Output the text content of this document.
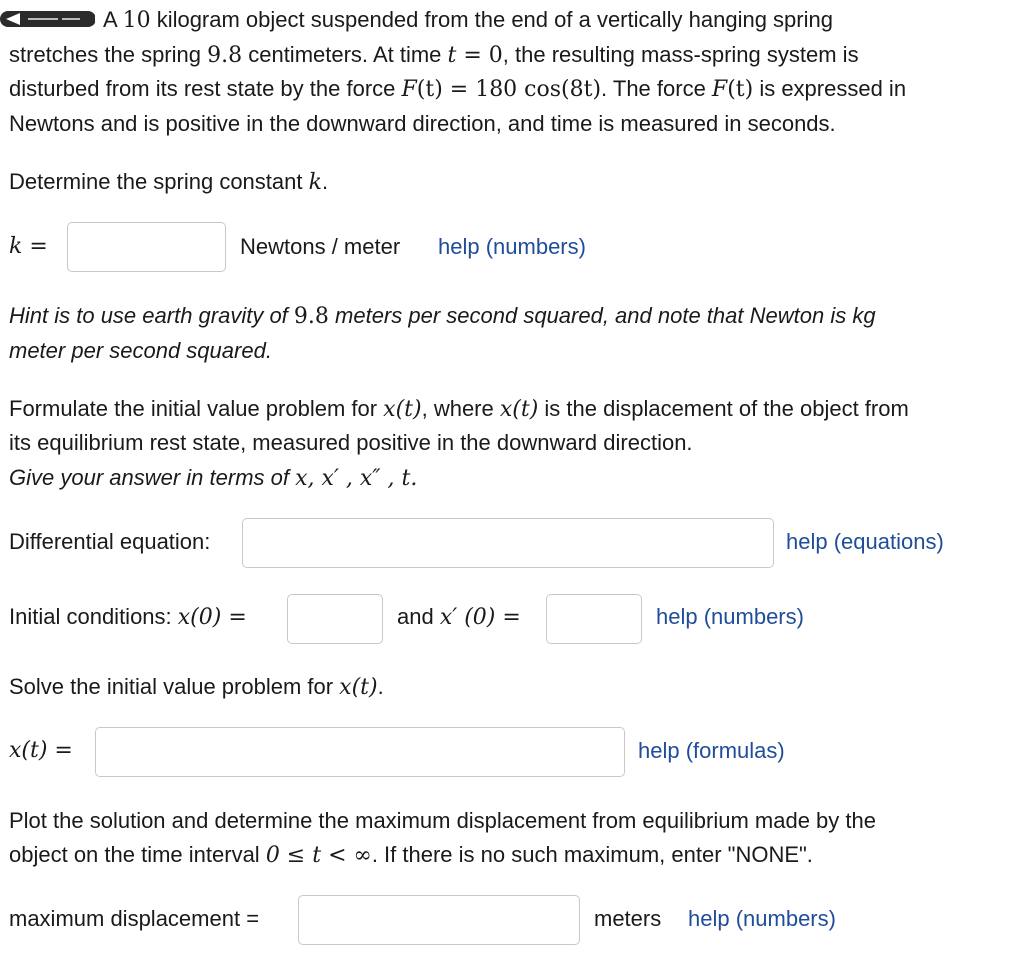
A 10 kilogram object suspended from the end of a vertically hanging spring
stretches the spring 9.8 centimeters. At time t = 0, the resulting mass-spring system is
disturbed from its rest state by the force F(t) = 180 cos(8t). The force F(t) is expressed in
Newtons and is positive in the downward direction, and time is measured in seconds.
Determine the spring constant k.
k =	Newtons / meter help (numbers)
Hint is to use earth gravity of 9.8 meters per second squared, and note that Newton is kg
meter per second squared.
Formulate the initial value problem for x(t), where x(t) is the displacement of the object from
its equilibrium rest state, measured positive in the downward direction.
Give your answer in terms of x, x′ , x″ , t.
Differential equation:	help (equations)
Initial conditions: x(0) =	and x′ (0) =	help (numbers)
Solve the initial value problem for x(t).
x(t) =	help (formulas)
Plot the solution and determine the maximum displacement from equilibrium made by the
object on the time interval 0 ≤ t < ∞. If there is no such maximum, enter "NONE".
maximum displacement =	meters help (numbers)
